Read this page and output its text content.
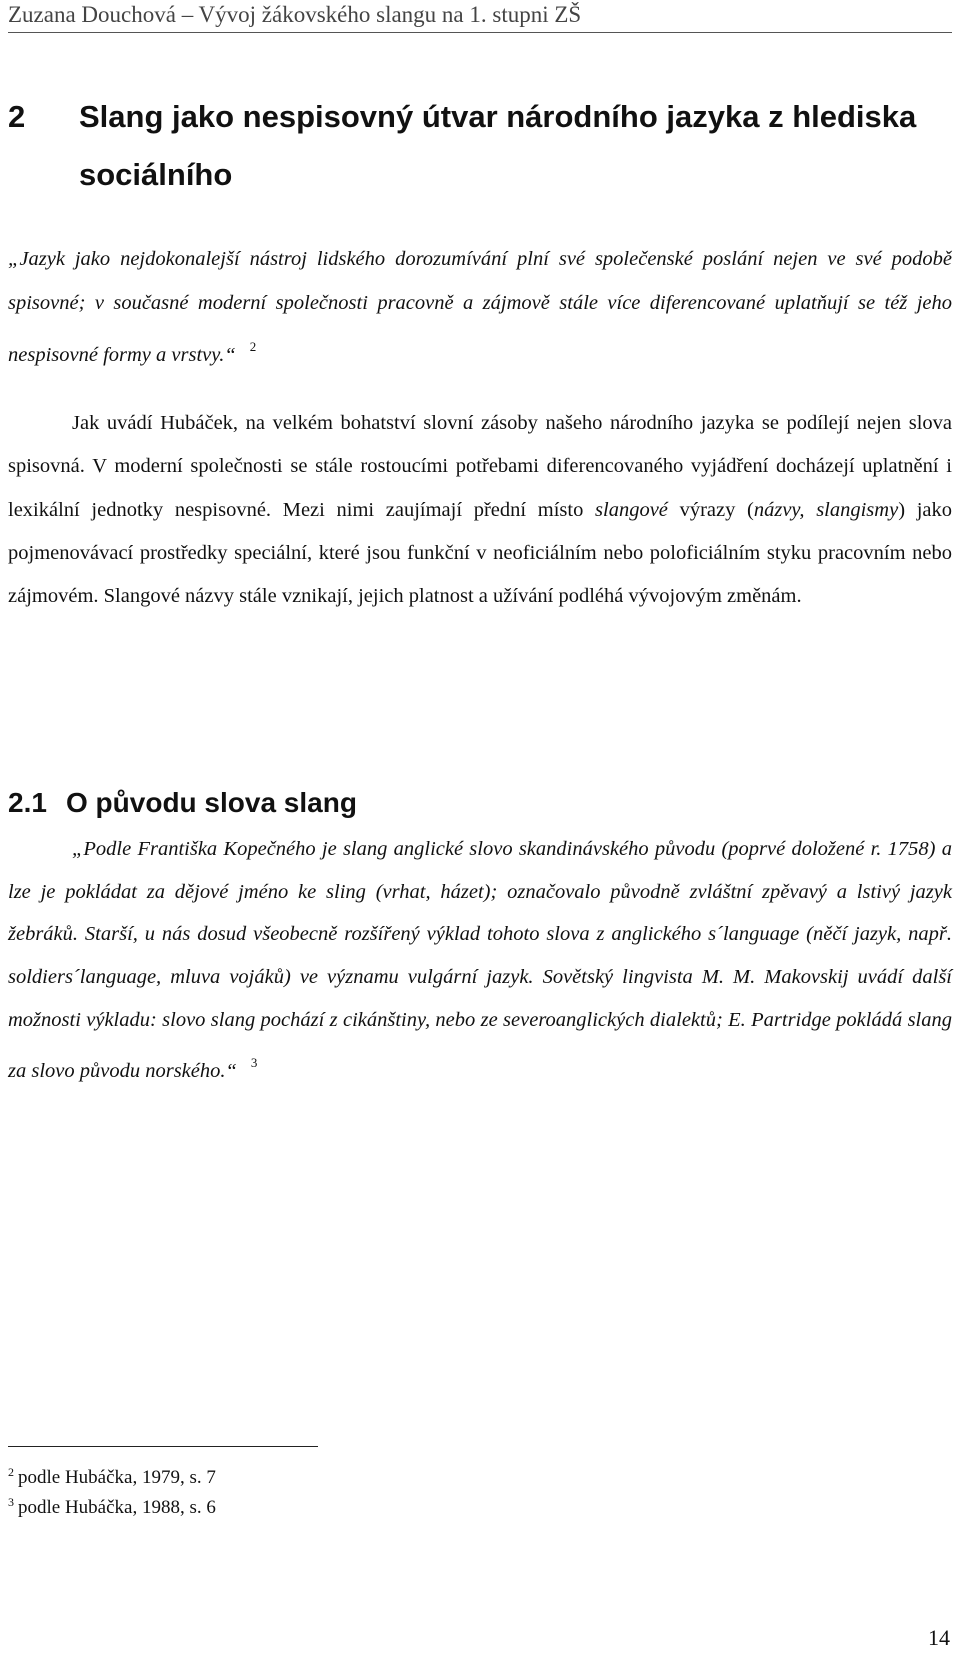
Zuzana Douchová – Vývoj žákovského slangu na 1. stupni ZŠ
2 Slang jako nespisovný útvar národního jazyka z hlediska sociálního
„Jazyk jako nejdokonalejší nástroj lidského dorozumívání plní své společenské poslání nejen ve své podobě spisovné; v současné moderní společnosti pracovně a zájmově stále více diferencované uplatňují se též jeho nespisovné formy a vrstvy.“ $^2$
Jak uvádí Hubáček, na velkém bohatství slovní zásoby našeho národního jazyka se podílejí nejen slova spisovná. V moderní společnosti se stále rostoucími potřebami diferencovaného vyjádření docházejí uplatnění i lexikální jednotky nespisovné. Mezi nimi zaujímají přední místo slangové výrazy (názvy, slangismy) jako pojmenovávací prostředky speciální, které jsou funkční v neoficiálním nebo poloficiálním styku pracovním nebo zájmovém. Slangové názvy stále vznikají, jejich platnost a užívání podléhá vývojovým změnám.
2.1 O původu slova slang
„Podle Františka Kopečného je slang anglické slovo skandinávského původu (poprvé doložené r. 1758) a lze je pokládat za dějové jméno ke sling (vrhat, házet); označovalo původně zvláštní zpěvavý a lstivý jazyk žebráků. Starší, u nás dosud všeobecně rozšířený výklad tohoto slova z anglického s´language (něčí jazyk, např. soldiers´language, mluva vojáků) ve významu vulgární jazyk. Sovětský lingvista M. M. Makovskij uvádí další možnosti výkladu: slovo slang pochází z cikánštiny, nebo ze severoanglických dialektů; E. Partridge pokládá slang za slovo původu norského.“ $^3$
$^2$ podle Hubáčka, 1979, s. 7
$^3$ podle Hubáčka, 1988, s. 6
14
